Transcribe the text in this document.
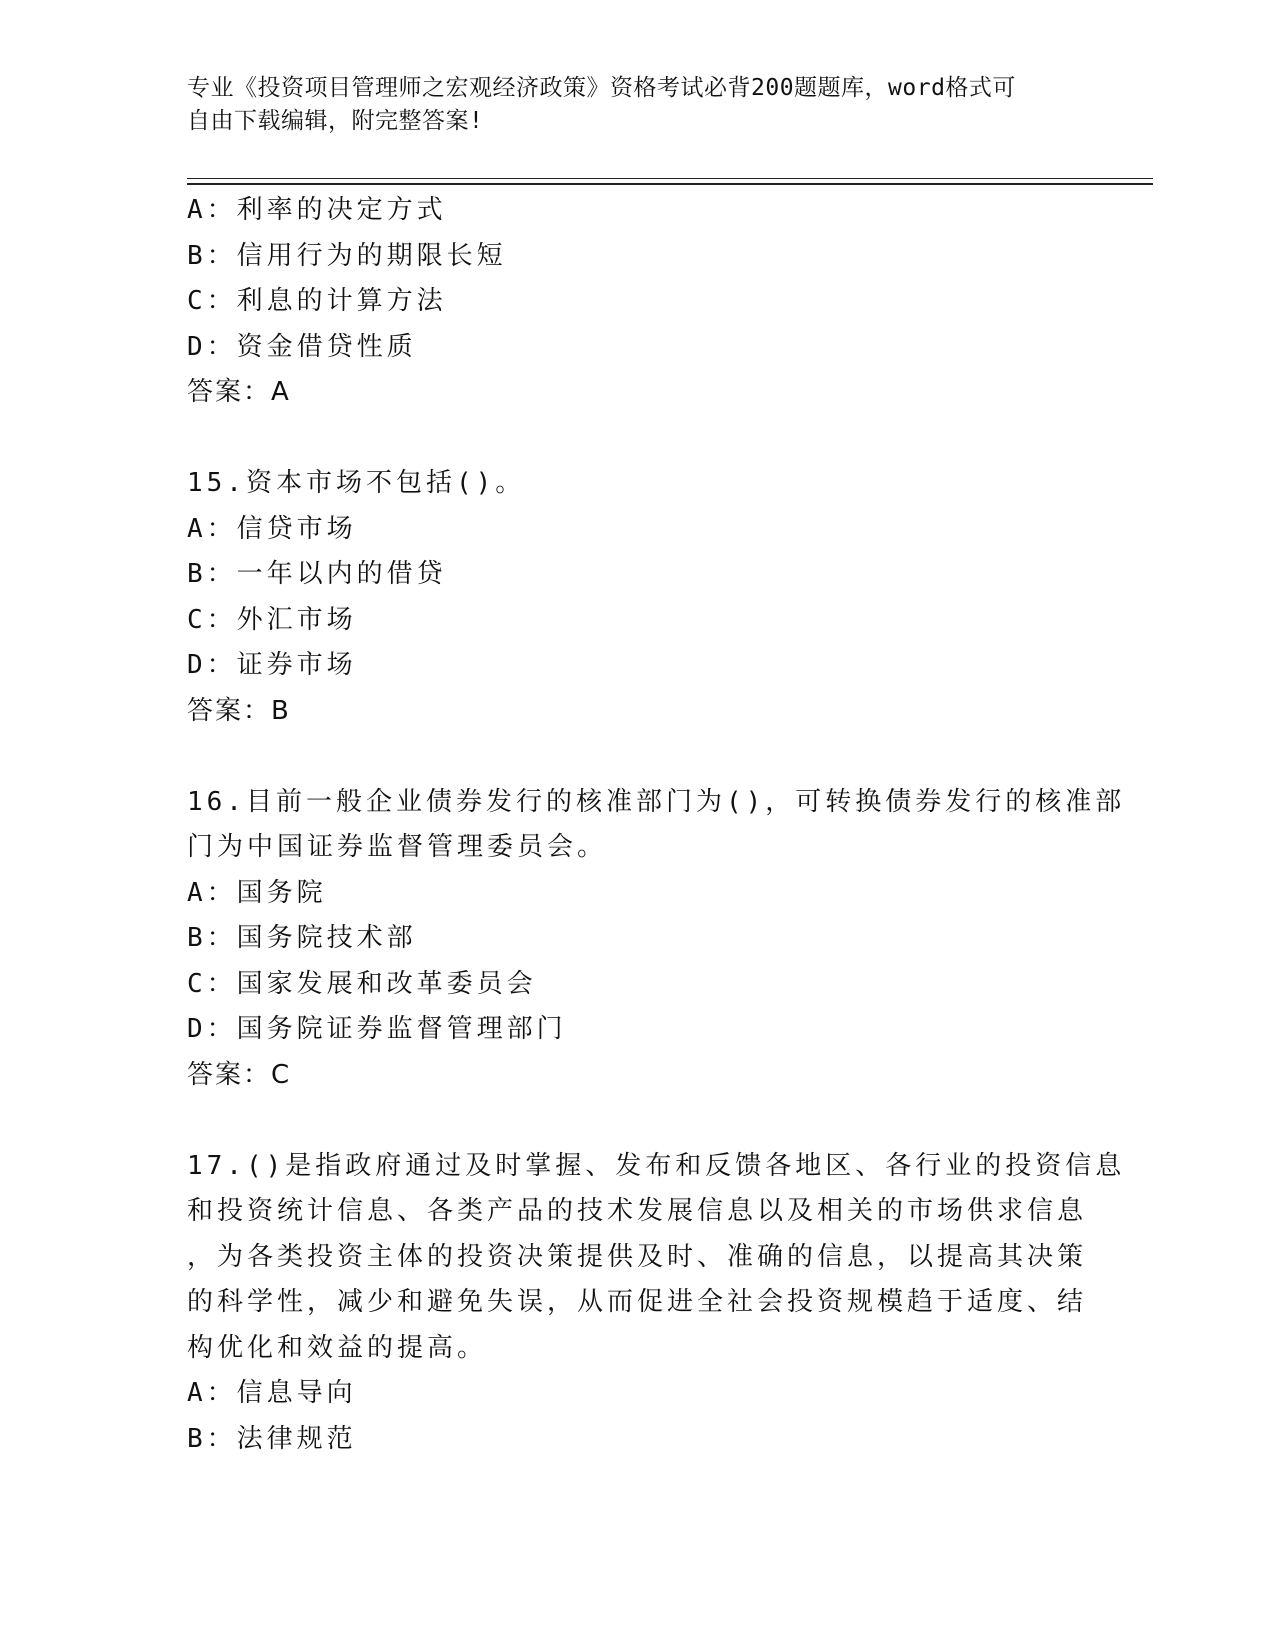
专业《投资项目管理师之宏观经济政策》资格考试必背200题题库，word格式可
自由下载编辑，附完整答案!
A：利率的决定方式
B：信用行为的期限长短
C：利息的计算方法
D：资金借贷性质
答案：A
15.资本市场不包括()。
A：信贷市场
B：一年以内的借贷
C：外汇市场
D：证券市场
答案：B
16.目前一般企业债券发行的核准部门为()，可转换债券发行的核准部
门为中国证券监督管理委员会。
A：国务院
B：国务院技术部
C：国家发展和改革委员会
D：国务院证券监督管理部门
答案：C
17.()是指政府通过及时掌握、发布和反馈各地区、各行业的投资信息
和投资统计信息、各类产品的技术发展信息以及相关的市场供求信息
，为各类投资主体的投资决策提供及时、准确的信息，以提高其决策
的科学性，减少和避免失误，从而促进全社会投资规模趋于适度、结
构优化和效益的提高。
A：信息导向
B：法律规范
